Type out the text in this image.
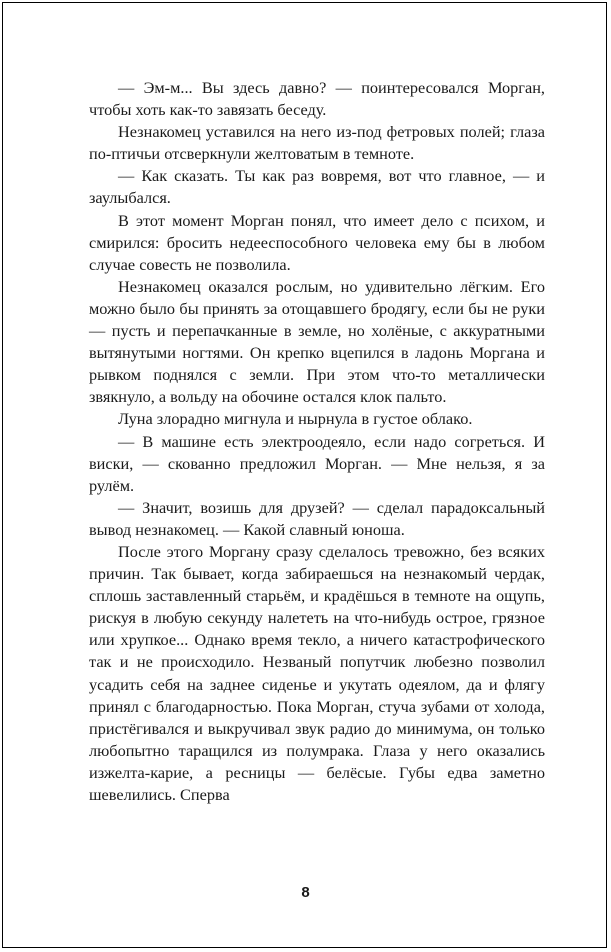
— Эм-м... Вы здесь давно? — поинтересовался Морган, чтобы хоть как-то завязать беседу.

Незнакомец уставился на него из-под фетровых полей; глаза по-птичьи отсверкнули желтоватым в темноте.

— Как сказать. Ты как раз вовремя, вот что главное, — и заулыбался.

В этот момент Морган понял, что имеет дело с психом, и смирился: бросить недееспособного человека ему бы в любом случае совесть не позволила.

Незнакомец оказался рослым, но удивительно лёгким. Его можно было бы принять за отощавшего бродягу, если бы не руки — пусть и перепачканные в земле, но холёные, с аккуратными вытянутыми ногтями. Он крепко вцепился в ладонь Моргана и рывком поднялся с земли. При этом что-то металлически звякнуло, а вольду на обочине остался клок пальто.

Луна злорадно мигнула и нырнула в густое облако.

— В машине есть электроодеяло, если надо согреться. И виски, — скованно предложил Морган. — Мне нельзя, я за рулём.

— Значит, возишь для друзей? — сделал парадоксальный вывод незнакомец. — Какой славный юноша.

После этого Моргану сразу сделалось тревожно, без всяких причин. Так бывает, когда забираешься на незнакомый чердак, сплошь заставленный старьём, и крадёшься в темноте на ощупь, рискуя в любую секунду налететь на что-нибудь острое, грязное или хрупкое... Однако время текло, а ничего катастрофического так и не происходило. Незваный попутчик любезно позволил усадить себя на заднее сиденье и укутать одеялом, да и флягу принял с благодарностью. Пока Морган, стуча зубами от холода, пристёгивался и выкручивал звук радио до минимума, он только любопытно таращился из полумрака. Глаза у него оказались изжелта-карие, а ресницы — белёсые. Губы едва заметно шевелились. Сперва

8
